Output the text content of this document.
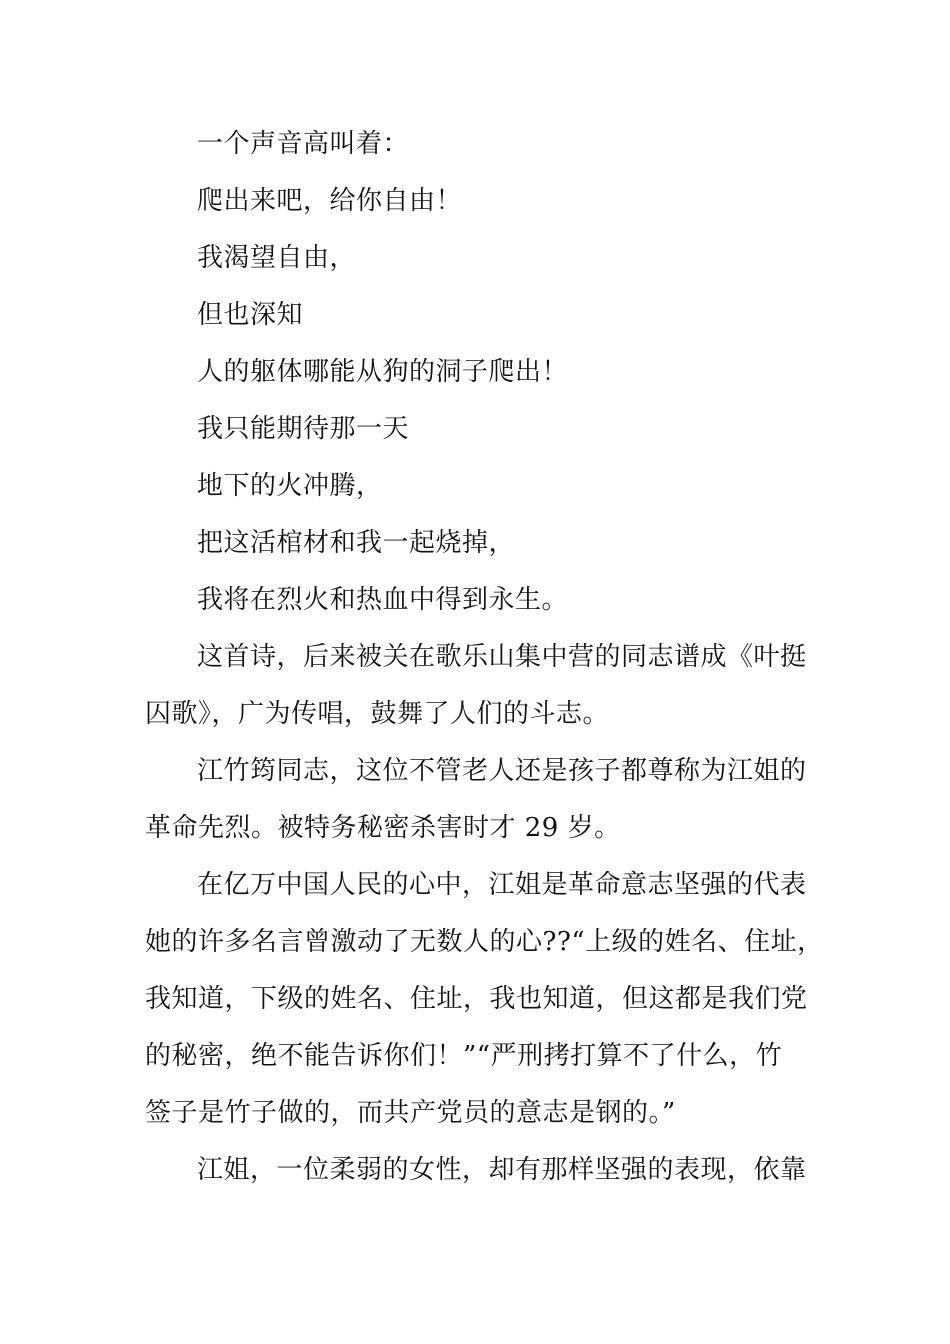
一个声音高叫着：
爬出来吧，给你自由！
我渴望自由，
但也深知
人的躯体哪能从狗的洞子爬出！
我只能期待那一天
地下的火冲腾，
把这活棺材和我一起烧掉，
我将在烈火和热血中得到永生。
这首诗，后来被关在歌乐山集中营的同志谱成《叶挺
囚歌》，广为传唱，鼓舞了人们的斗志。
江竹筠同志，这位不管老人还是孩子都尊称为江姐的
革命先烈。被特务秘密杀害时才 29 岁。
在亿万中国人民的心中，江姐是革命意志坚强的代表
她的许多名言曾激动了无数人的心??“上级的姓名、住址，
我知道，下级的姓名、住址，我也知道，但这都是我们党
的秘密，绝不能告诉你们！”“严刑拷打算不了什么，竹
签子是竹子做的，而共产党员的意志是钢的。”
江姐，一位柔弱的女性，却有那样坚强的表现，依靠
